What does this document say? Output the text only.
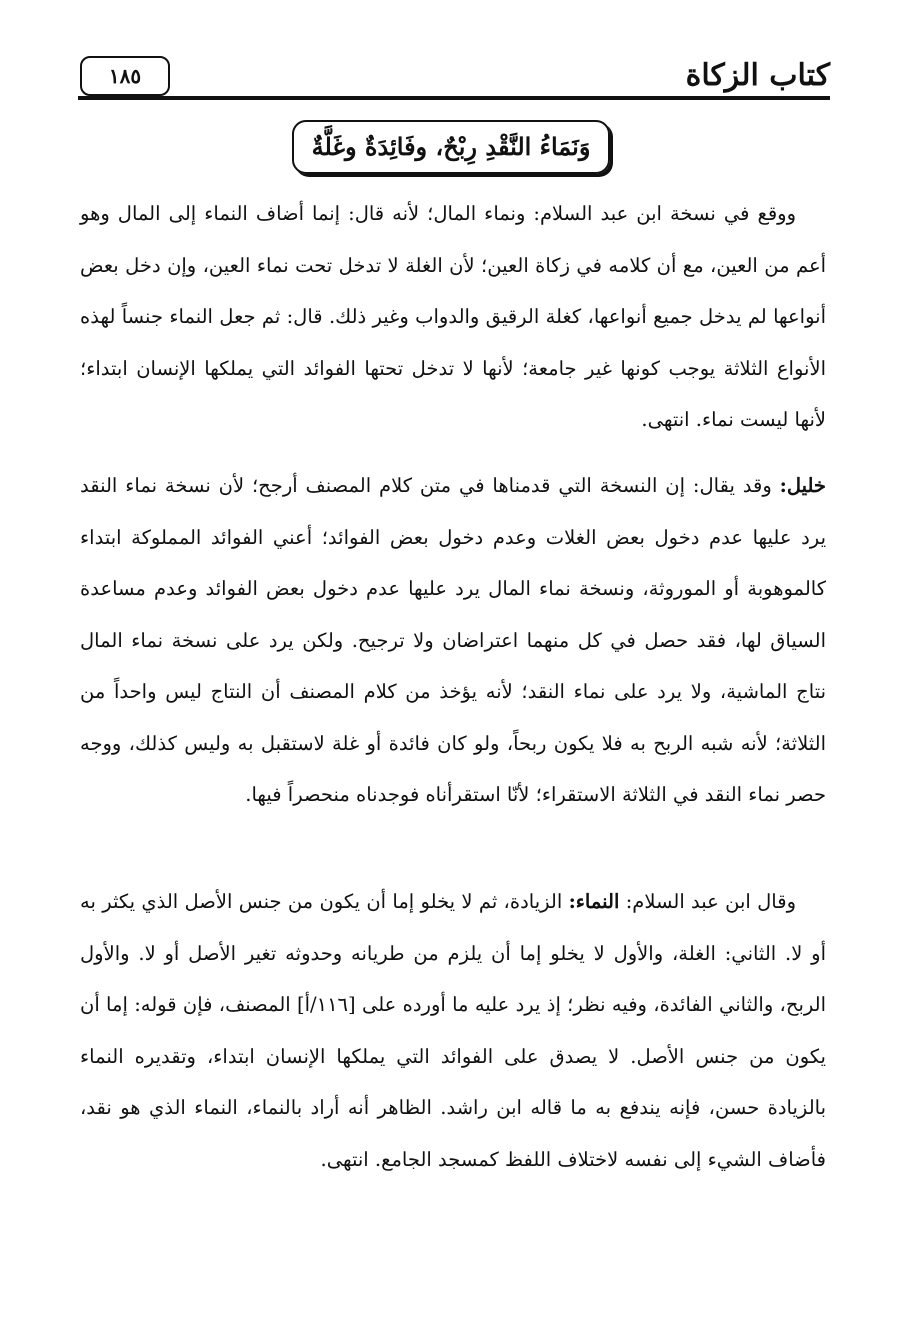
كتاب الزكاة
١٨٥
وَنَمَاءُ النَّقْدِ رِبْحٌ، وفَائِدَةٌ وغَلَّةٌ

ووقع في نسخة ابن عبد السلام: ونماء المال؛ لأنه قال: إنما أضاف النماء إلى المال وهو أعم من العين، مع أن كلامه في زكاة العين؛ لأن الغلة لا تدخل تحت نماء العين، وإن دخل بعض أنواعها لم يدخل جميع أنواعها، كغلة الرقيق والدواب وغير ذلك. قال: ثم جعل النماء جنساً لهذه الأنواع الثلاثة يوجب كونها غير جامعة؛ لأنها لا تدخل تحتها الفوائد التي يملكها الإنسان ابتداء؛ لأنها ليست نماء. انتهى.

خليل: وقد يقال: إن النسخة التي قدمناها في متن كلام المصنف أرجح؛ لأن نسخة نماء النقد يرد عليها عدم دخول بعض الغلات وعدم دخول بعض الفوائد؛ أعني الفوائد المملوكة ابتداء كالموهوبة أو الموروثة، ونسخة نماء المال يرد عليها عدم دخول بعض الفوائد وعدم مساعدة السياق لها، فقد حصل في كل منهما اعتراضان ولا ترجيح. ولكن يرد على نسخة نماء المال نتاج الماشية، ولا يرد على نماء النقد؛ لأنه يؤخذ من كلام المصنف أن النتاج ليس واحداً من الثلاثة؛ لأنه شبه الربح به فلا يكون ربحاً، ولو كان فائدة أو غلة لاستقبل به وليس كذلك، ووجه حصر نماء النقد في الثلاثة الاستقراء؛ لأنّا استقرأناه فوجدناه منحصراً فيها.

وقال ابن عبد السلام: النماء: الزيادة، ثم لا يخلو إما أن يكون من جنس الأصل الذي يكثر به أو لا. الثاني: الغلة، والأول لا يخلو إما أن يلزم من طريانه وحدوثه تغير الأصل أو لا. والأول الربح، والثاني الفائدة، وفيه نظر؛ إذ يرد عليه ما أورده على [١١٦/أ] المصنف، فإن قوله: إما أن يكون من جنس الأصل. لا يصدق على الفوائد التي يملكها الإنسان ابتداء، وتقديره النماء بالزيادة حسن، فإنه يندفع به ما قاله ابن راشد. الظاهر أنه أراد بالنماء، النماء الذي هو نقد، فأضاف الشيء إلى نفسه لاختلاف اللفظ كمسجد الجامع. انتهى.
